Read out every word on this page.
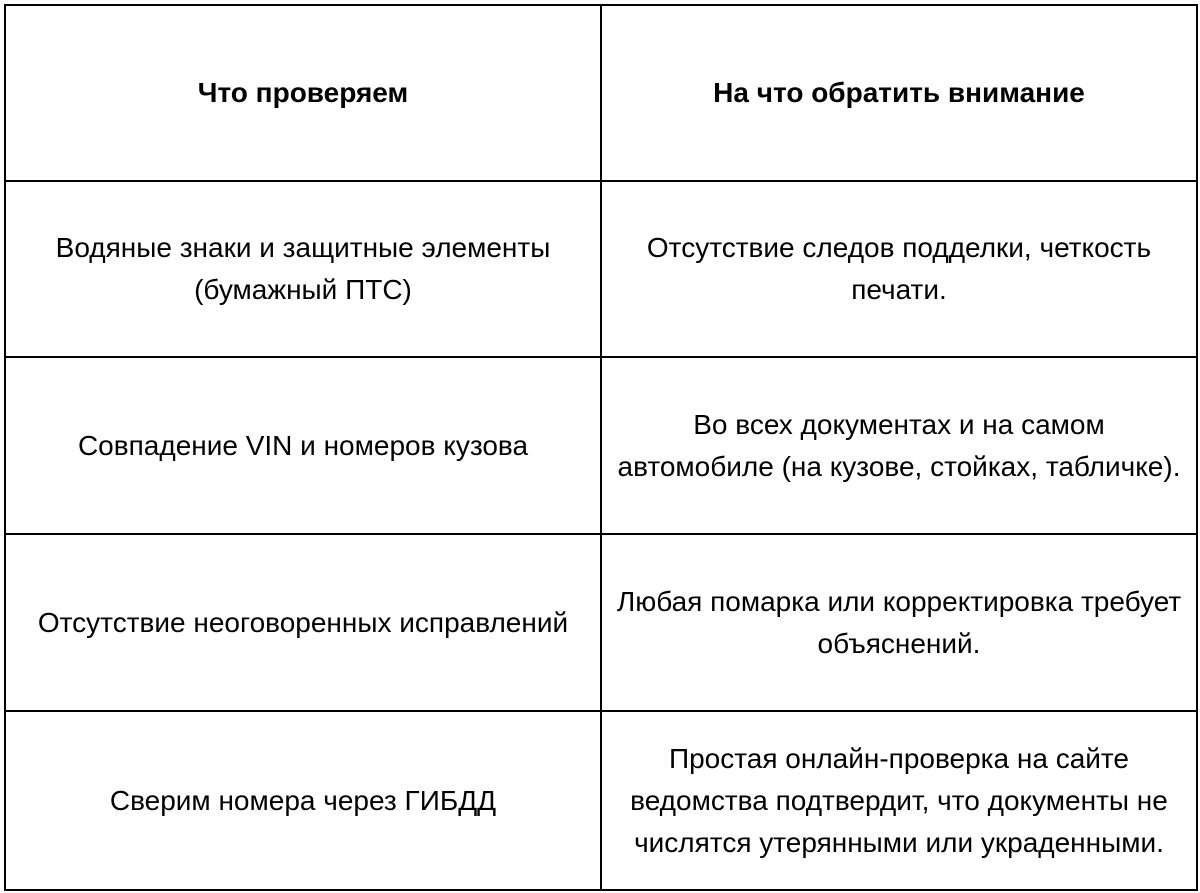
Что проверяем	На что обратить внимание
Водяные знаки и защитные элементы (бумажный ПТС)	Отсутствие следов подделки, четкость печати.
Совпадение VIN и номеров кузова	Во всех документах и на самом автомобиле (на кузове, стойках, табличке).
Отсутствие неоговоренных исправлений	Любая помарка или корректировка требует объяснений.
Сверим номера через ГИБДД	Простая онлайн-проверка на сайте ведомства подтвердит, что документы не числятся утерянными или украденными.
